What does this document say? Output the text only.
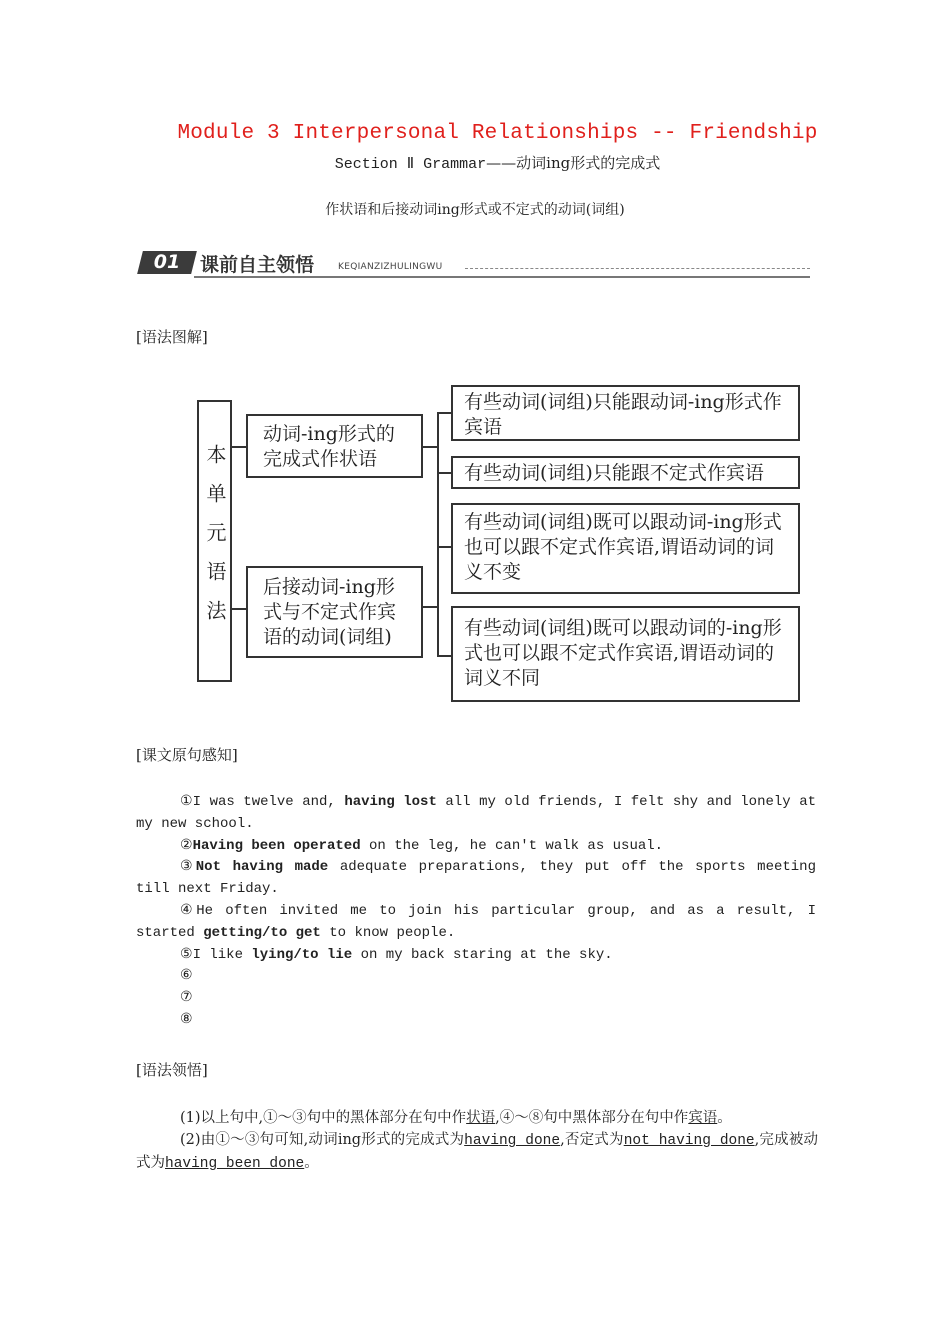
Module 3 Interpersonal Relationships -- Friendship
Section Ⅱ Grammar——动词ing形式的完成式
作状语和后接动词ing形式或不定式的动词(词组)
01	课前自主领悟	KEQIANZIZHULINGWU
[语法图解]
本单元语法
动词-ing形式的完成式作状语
后接动词-ing形式与不定式作宾语的动词(词组)
有些动词(词组)只能跟动词-ing形式作宾语
有些动词(词组)只能跟不定式作宾语
有些动词(词组)既可以跟动词-ing形式也可以跟不定式作宾语,谓语动词的词义不变
有些动词(词组)既可以跟动词的-ing形式也可以跟不定式作宾语,谓语动词的词义不同
[课文原句感知]

①I was twelve and, having lost all my old friends, I felt shy and lonely at my new school.

②Having been operated on the leg, he can't walk as usual.

③Not having made adequate preparations, they put off the sports meeting till next Friday.

④He often invited me to join his particular group, and as a result, I started getting/to get to know people.

⑤I like lying/to lie on my back staring at the sky.

⑥

⑦

⑧

[语法领悟]

(1)以上句中,①～③句中的黑体部分在句中作状语,④～⑧句中黑体部分在句中作宾语。

(2)由①～③句可知,动词ing形式的完成式为having done,否定式为not having done,完成被动式为having been done。
